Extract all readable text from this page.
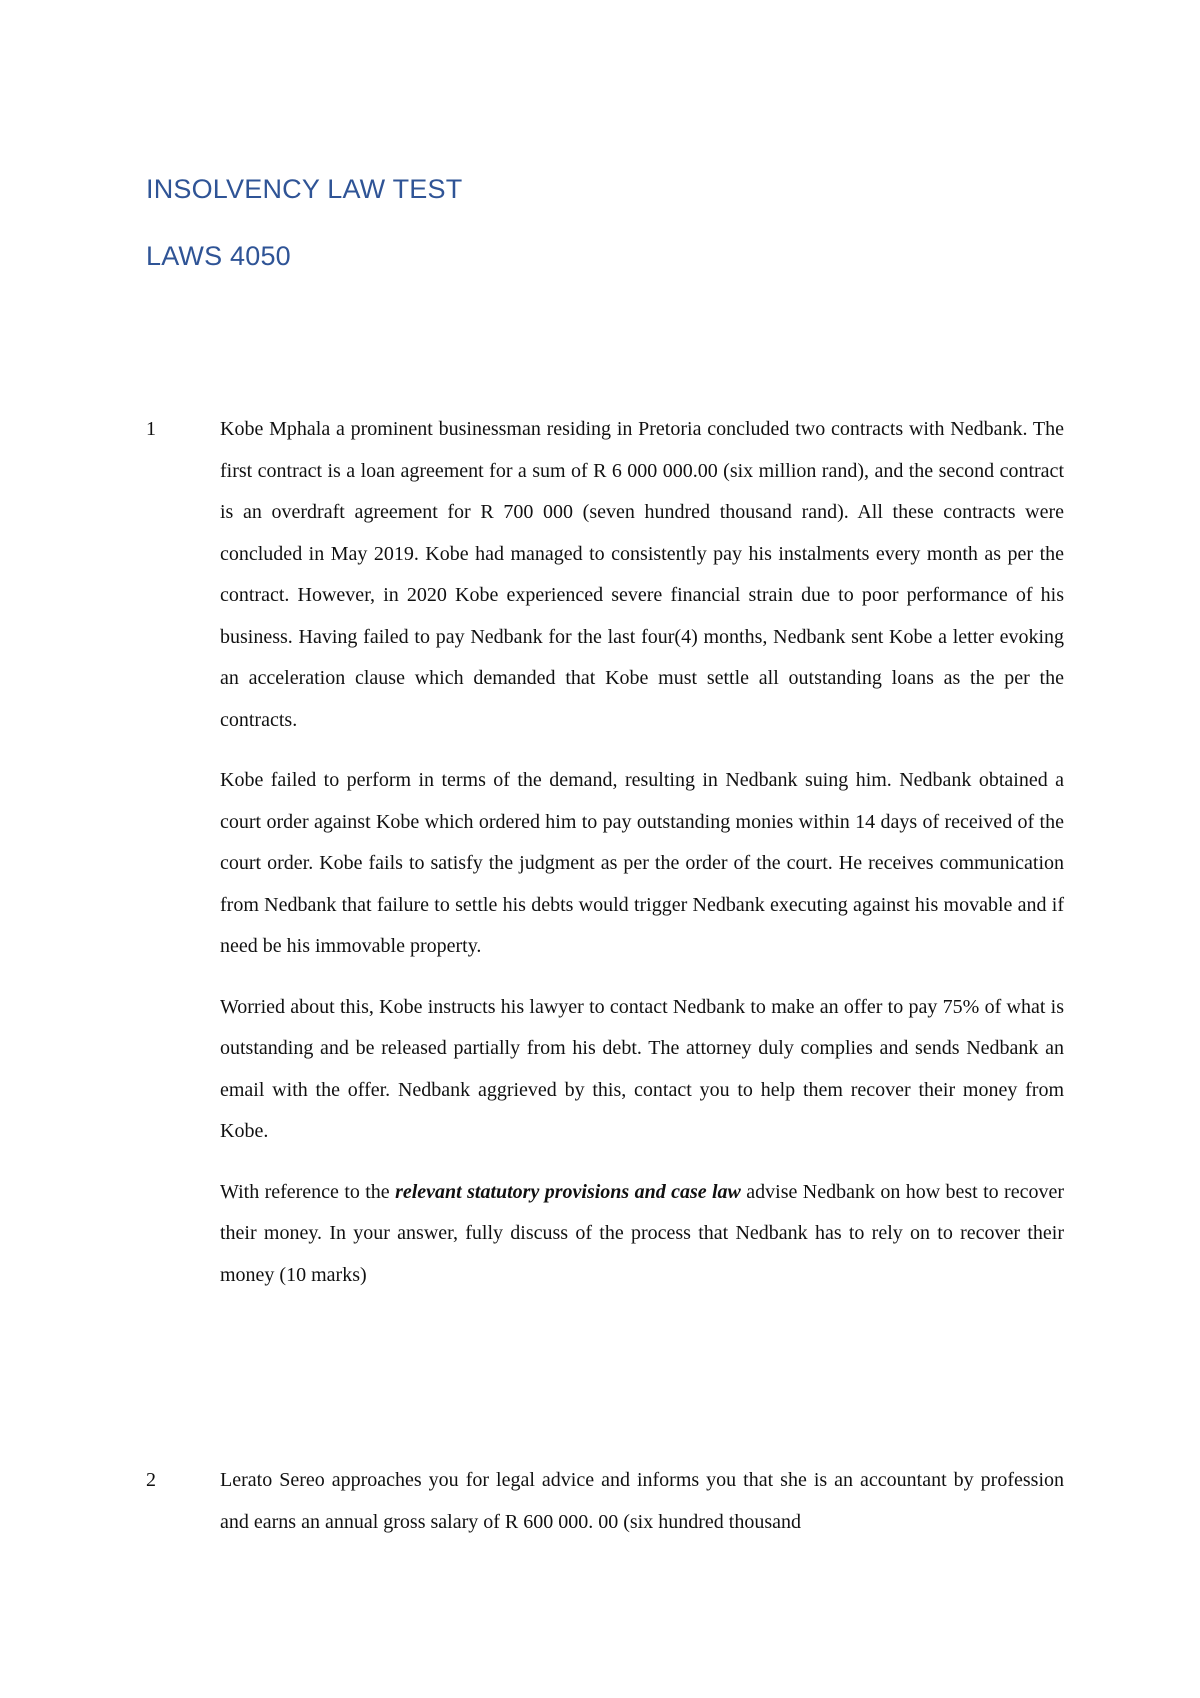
INSOLVENCY LAW TEST
LAWS 4050
1	Kobe Mphala a prominent businessman residing in Pretoria concluded two contracts with Nedbank. The first contract is a loan agreement for a sum of R 6 000 000.00 (six million rand), and the second contract is an overdraft agreement for R 700 000 (seven hundred thousand rand). All these contracts were concluded in May 2019. Kobe had managed to consistently pay his instalments every month as per the contract. However, in 2020 Kobe experienced severe financial strain due to poor performance of his business. Having failed to pay Nedbank for the last four(4) months, Nedbank sent Kobe a letter evoking an acceleration clause which demanded that Kobe must settle all outstanding loans as the per the contracts.

Kobe failed to perform in terms of the demand, resulting in Nedbank suing him. Nedbank obtained a court order against Kobe which ordered him to pay outstanding monies within 14 days of received of the court order. Kobe fails to satisfy the judgment as per the order of the court. He receives communication from Nedbank that failure to settle his debts would trigger Nedbank executing against his movable and if need be his immovable property.

Worried about this, Kobe instructs his lawyer to contact Nedbank to make an offer to pay 75% of what is outstanding and be released partially from his debt. The attorney duly complies and sends Nedbank an email with the offer. Nedbank aggrieved by this, contact you to help them recover their money from Kobe.

With reference to the relevant statutory provisions and case law advise Nedbank on how best to recover their money. In your answer, fully discuss of the process that Nedbank has to rely on to recover their money (10 marks)

2	Lerato Sereo approaches you for legal advice and informs you that she is an accountant by profession and earns an annual gross salary of R 600 000. 00 (six hundred thousand
